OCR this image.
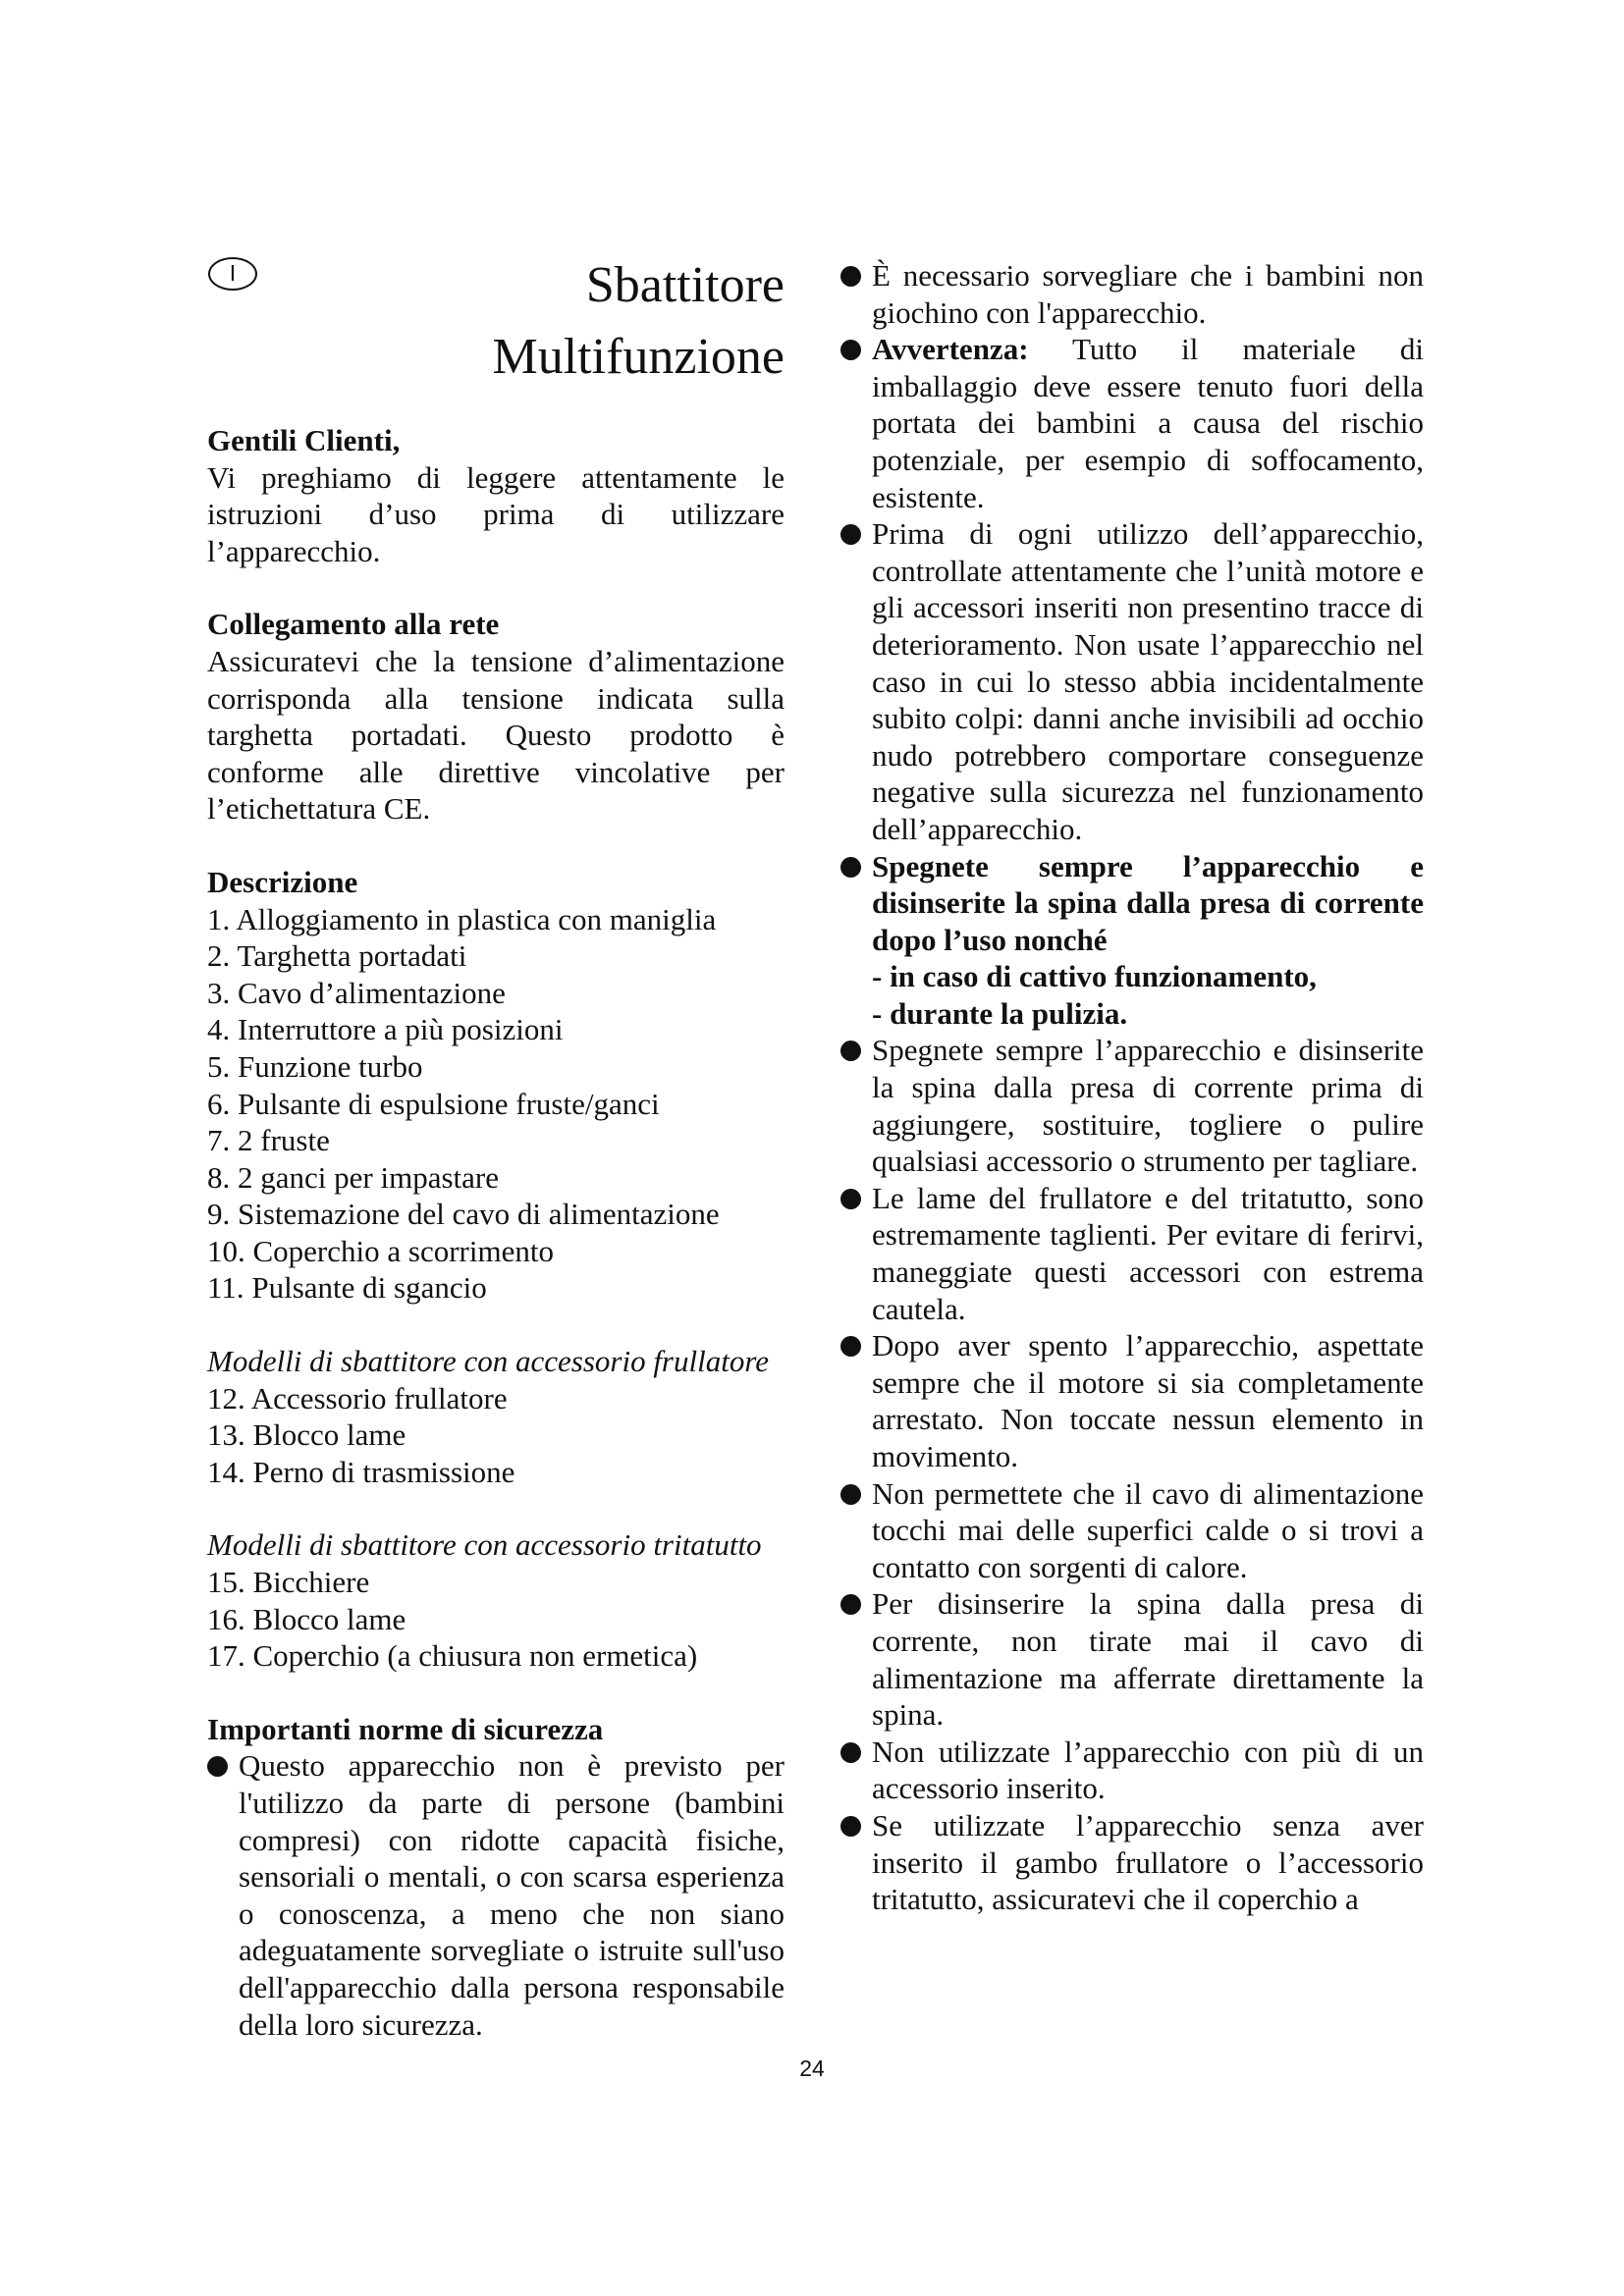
I	Sbattitore
Multifunzione

Gentili Clienti,

Vi preghiamo di leggere attentamente le istruzioni d’uso prima di utilizzare l’apparecchio.

Collegamento alla rete

Assicuratevi che la tensione d’alimentazione corrisponda alla tensione indicata sulla targhetta portadati. Questo prodotto è conforme alle direttive vincolative per l’etichettatura CE.

Descrizione

1. Alloggiamento in plastica con maniglia
2. Targhetta portadati
3. Cavo d’alimentazione
4. Interruttore a più posizioni
5. Funzione turbo
6. Pulsante di espulsione fruste/ganci
7. 2 fruste
8. 2 ganci per impastare
9. Sistemazione del cavo di alimentazione
10. Coperchio a scorrimento
11. Pulsante di sgancio

Modelli di sbattitore con accessorio frullatore

12. Accessorio frullatore
13. Blocco lame
14. Perno di trasmissione

Modelli di sbattitore con accessorio tritatutto

15. Bicchiere
16. Blocco lame
17. Coperchio (a chiusura non ermetica)

Importanti norme di sicurezza

Questo apparecchio non è previsto per l'utilizzo da parte di persone (bambini compresi) con ridotte capacità fisiche, sensoriali o mentali, o con scarsa esperienza o conoscenza, a meno che non siano adeguatamente sorvegliate o istruite sull'uso dell'apparecchio dalla persona responsabile della loro sicurezza.
È necessario sorvegliare che i bambini non giochino con l'apparecchio.
Avvertenza: Tutto il materiale di imballaggio deve essere tenuto fuori della portata dei bambini a causa del rischio potenziale, per esempio di soffocamento, esistente.
Prima di ogni utilizzo dell’apparecchio, controllate attentamente che l’unità motore e gli accessori inseriti non presentino tracce di deterioramento. Non usate l’apparecchio nel caso in cui lo stesso abbia incidentalmente subito colpi: danni anche invisibili ad occhio nudo potrebbero comportare conseguenze negative sulla sicurezza nel funzionamento dell’apparecchio.
Spegnete sempre l’apparecchio e disinserite la spina dalla presa di corrente dopo l’uso nonché
- in caso di cattivo funzionamento,
- durante la pulizia.
Spegnete sempre l’apparecchio e disinserite la spina dalla presa di corrente prima di aggiungere, sostituire, togliere o pulire qualsiasi accessorio o strumento per tagliare.
Le lame del frullatore e del tritatutto, sono estremamente taglienti. Per evitare di ferirvi, maneggiate questi accessori con estrema cautela.
Dopo aver spento l’apparecchio, aspettate sempre che il motore si sia completamente arrestato. Non toccate nessun elemento in movimento.
Non permettete che il cavo di alimentazione tocchi mai delle superfici calde o si trovi a contatto con sorgenti di calore.
Per disinserire la spina dalla presa di corrente, non tirate mai il cavo di alimentazione ma afferrate direttamente la spina.
Non utilizzate l’apparecchio con più di un accessorio inserito.
Se utilizzate l’apparecchio senza aver inserito il gambo frullatore o l’accessorio tritatutto, assicuratevi che il coperchio a
24
